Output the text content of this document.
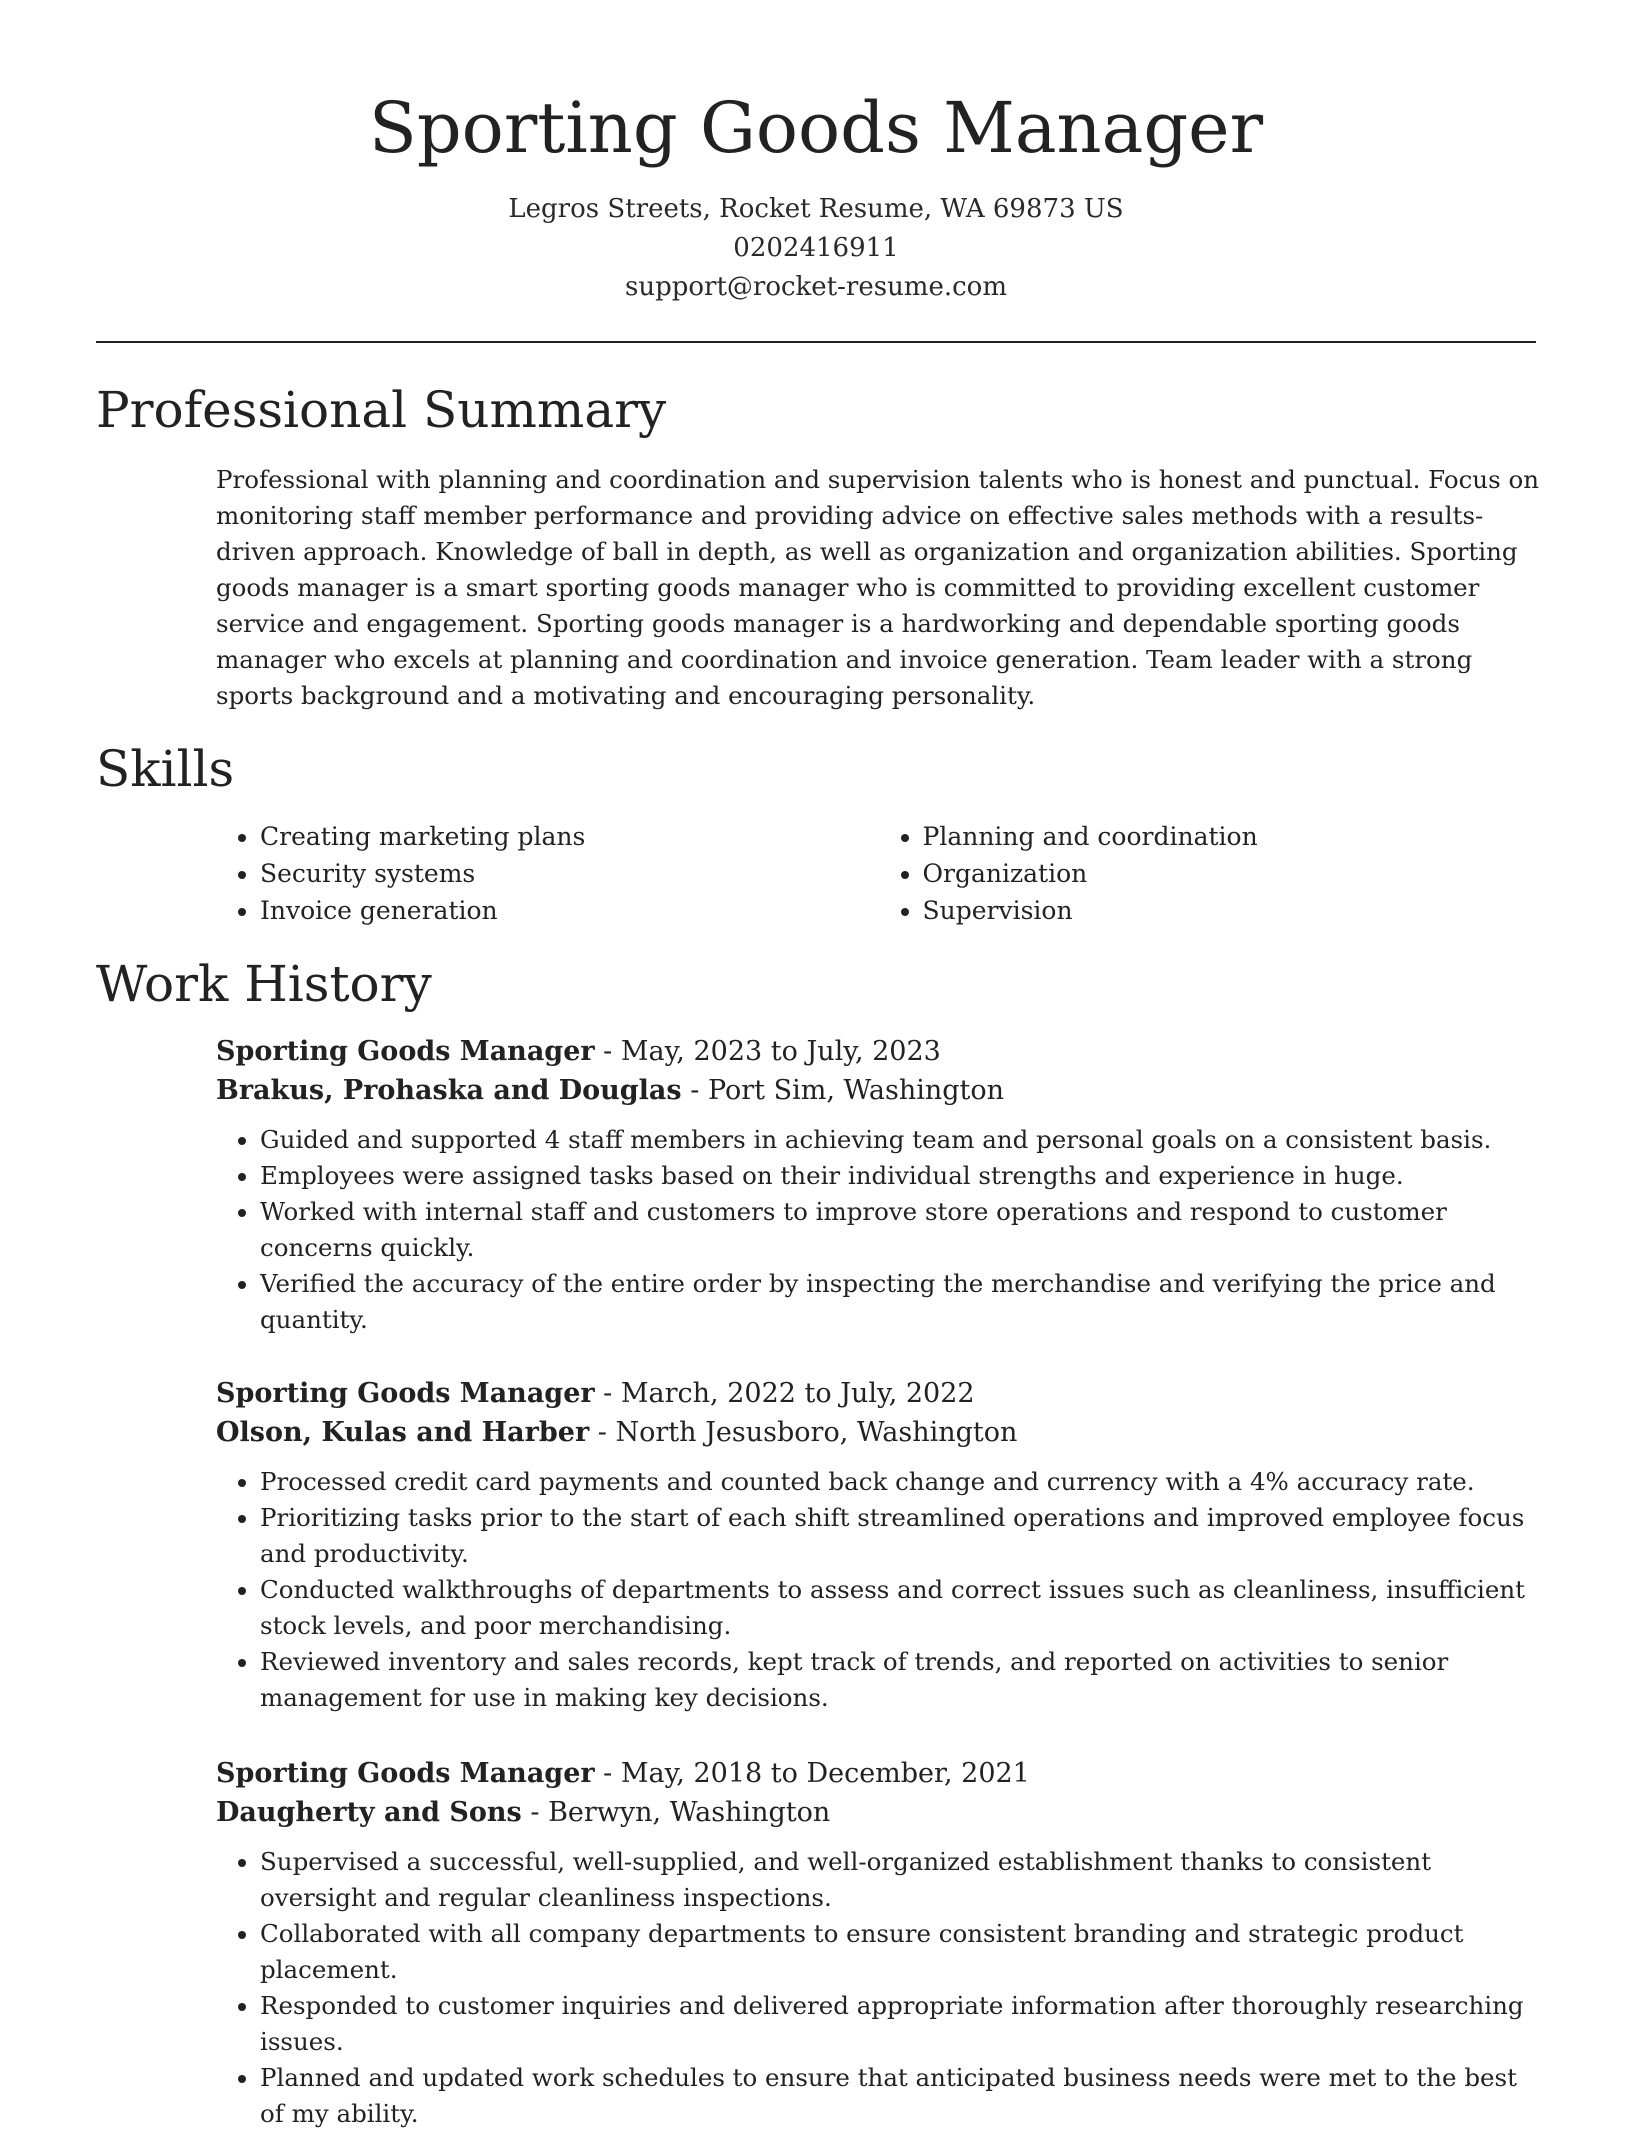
Sporting Goods Manager
Legros Streets, Rocket Resume, WA 69873 US
0202416911
support@rocket-resume.com
Professional Summary

Professional with planning and coordination and supervision talents who is honest and punctual. Focus on monitoring staff member performance and providing advice on effective sales methods with a results-driven approach. Knowledge of ball in depth, as well as organization and organization abilities. Sporting goods manager is a smart sporting goods manager who is committed to providing excellent customer service and engagement. Sporting goods manager is a hardworking and dependable sporting goods manager who excels at planning and coordination and invoice generation. Team leader with a strong sports background and a motivating and encouraging personality.

Skills
• Creating marketing plans
• Security systems
• Invoice generation
• Planning and coordination
• Organization
• Supervision
Work History
Sporting Goods Manager - May, 2023 to July, 2023
Brakus, Prohaska and Douglas - Port Sim, Washington
• Guided and supported 4 staff members in achieving team and personal goals on a consistent basis.
• Employees were assigned tasks based on their individual strengths and experience in huge.
• Worked with internal staff and customers to improve store operations and respond to customer concerns quickly.
• Verified the accuracy of the entire order by inspecting the merchandise and verifying the price and quantity.
Sporting Goods Manager - March, 2022 to July, 2022
Olson, Kulas and Harber - North Jesusboro, Washington
• Processed credit card payments and counted back change and currency with a 4% accuracy rate.
• Prioritizing tasks prior to the start of each shift streamlined operations and improved employee focus and productivity.
• Conducted walkthroughs of departments to assess and correct issues such as cleanliness, insufficient stock levels, and poor merchandising.
• Reviewed inventory and sales records, kept track of trends, and reported on activities to senior management for use in making key decisions.
Sporting Goods Manager - May, 2018 to December, 2021
Daugherty and Sons - Berwyn, Washington
• Supervised a successful, well-supplied, and well-organized establishment thanks to consistent oversight and regular cleanliness inspections.
• Collaborated with all company departments to ensure consistent branding and strategic product placement.
• Responded to customer inquiries and delivered appropriate information after thoroughly researching issues.
• Planned and updated work schedules to ensure that anticipated business needs were met to the best of my ability.
